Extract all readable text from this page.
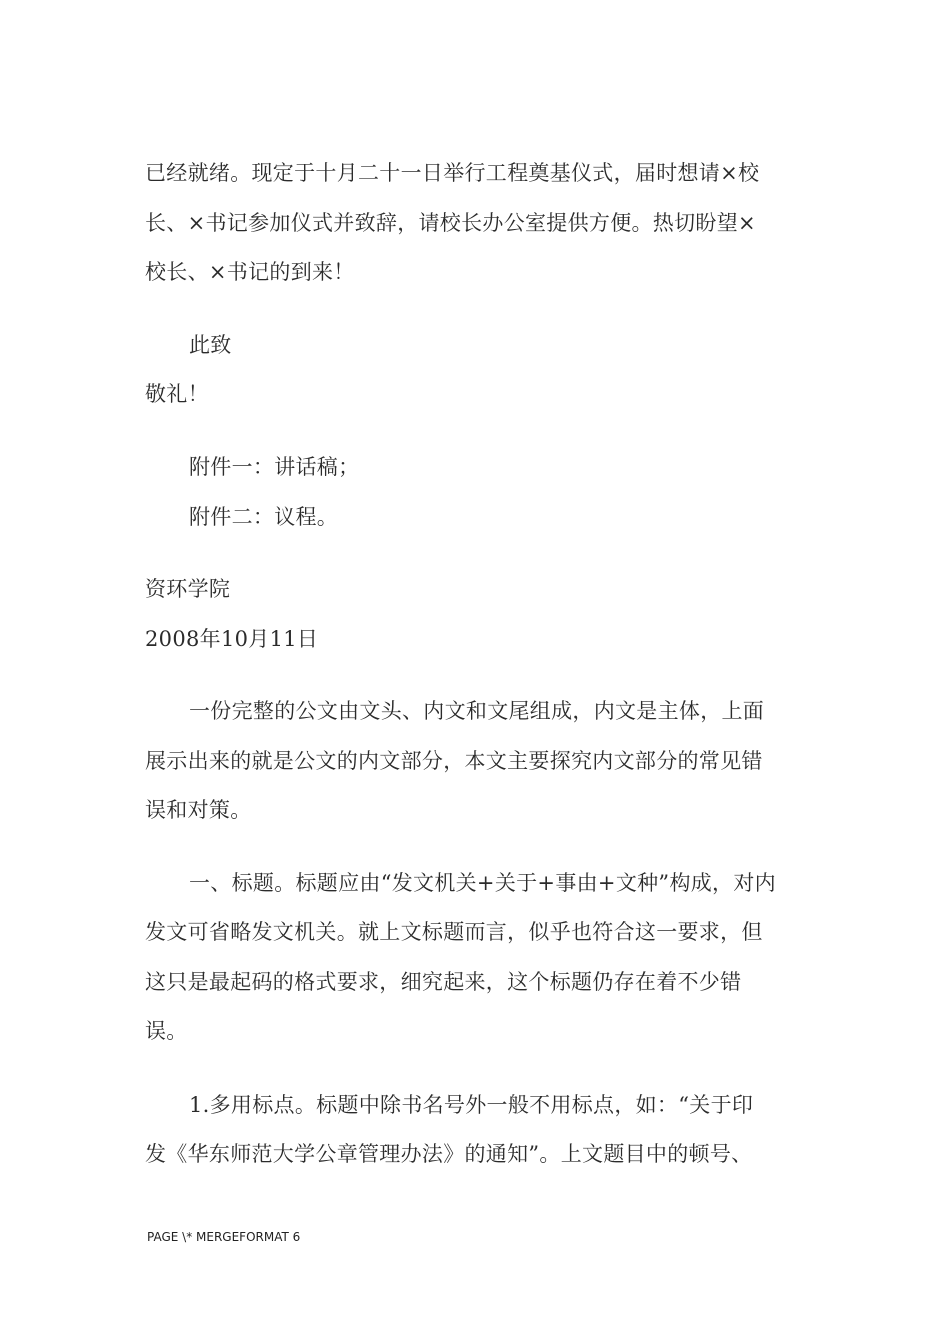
已经就绪。现定于十月二十一日举行工程奠基仪式，届时想请×校
长、×书记参加仪式并致辞，请校长办公室提供方便。热切盼望×
校长、×书记的到来！
此致
敬礼！
附件一：讲话稿；
附件二：议程。
资环学院
2008年10月11日
一份完整的公文由文头、内文和文尾组成，内文是主体，上面
展示出来的就是公文的内文部分，本文主要探究内文部分的常见错
误和对策。
一、标题。标题应由“发文机关+关于+事由+文种”构成，对内
发文可省略发文机关。就上文标题而言，似乎也符合这一要求，但
这只是最起码的格式要求，细究起来，这个标题仍存在着不少错
误。
1.多用标点。标题中除书名号外一般不用标点，如：“关于印
发《华东师范大学公章管理办法》的通知”。上文题目中的顿号、
PAGE \* MERGEFORMAT 6
